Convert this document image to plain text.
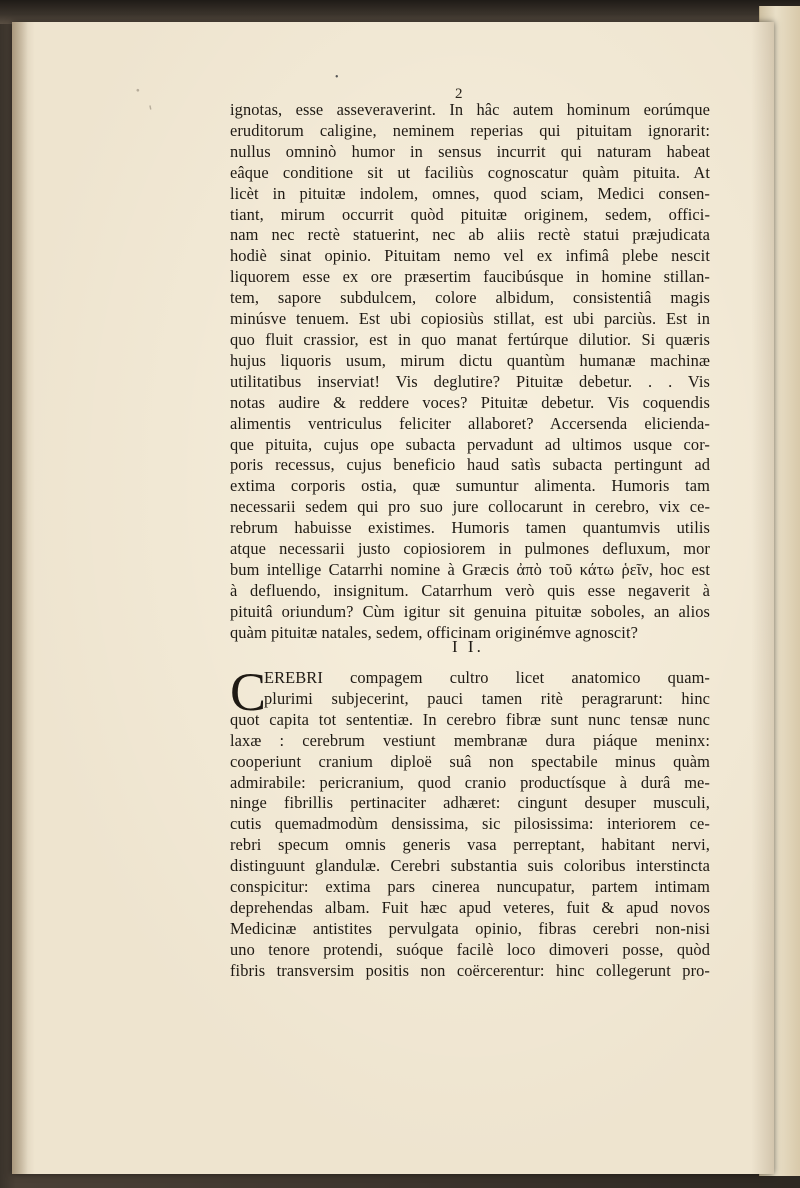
˙ˌ
•
2
ignotas, esse asseveraverint. In hâc autem hominum eorúmque
eruditorum caligine, neminem reperias qui pituitam ignorarit:
nullus omninò humor in sensus incurrit qui naturam habeat
eâque conditione sit ut faciliùs cognoscatur quàm pituita. At
licèt in pituitæ indolem, omnes, quod sciam, Medici consen-
tiant, mirum occurrit quòd pituitæ originem, sedem, offici-
nam nec rectè statuerint, nec ab aliis rectè statui præjudicata
hodiè sinat opinio. Pituitam nemo vel ex infimâ plebe nescit
liquorem esse ex ore præsertim faucibúsque in homine stillan-
tem, sapore subdulcem, colore albidum, consistentiâ magis
minúsve tenuem. Est ubi copiosiùs stillat, est ubi parciùs. Est in
quo fluit crassior, est in quo manat fertúrque dilutior. Si quæris
hujus liquoris usum, mirum dictu quantùm humanæ machinæ
utilitatibus inserviat! Vis deglutire? Pituitæ debetur. . . Vis
notas audire & reddere voces? Pituitæ debetur. Vis coquendis
alimentis ventriculus feliciter allaboret? Accersenda elicienda-
que pituita, cujus ope subacta pervadunt ad ultimos usque cor-
poris recessus, cujus beneficio haud satìs subacta pertingunt ad
extima corporis ostia, quæ sumuntur alimenta. Humoris tam
necessarii sedem qui pro suo jure collocarunt in cerebro, vix ce-
rebrum habuisse existimes. Humoris tamen quantumvis utilis
atque necessarii justo copiosiorem in pulmones defluxum, mor
bum intellige Catarrhi nomine à Græcis ἀπὸ τοῦ κάτω ῥεῖν, hoc est
à defluendo, insignitum. Catarrhum verò quis esse negaverit à
pituitâ oriundum? Cùm igitur sit genuina pituitæ soboles, an alios
quàm pituitæ natales, sedem, officinam originémve agnoscit?
I I.
C
EREBRI compagem cultro licet anatomico quam-
plurimi subjecerint, pauci tamen ritè peragrarunt: hinc
quot capita tot sententiæ. In cerebro fibræ sunt nunc tensæ nunc
laxæ : cerebrum vestiunt membranæ dura piáque meninx:
cooperiunt cranium diploë suâ non spectabile minus quàm
admirabile: pericranium, quod cranio productísque à durâ me-
ninge fibrillis pertinaciter adhæret: cingunt desuper musculi,
cutis quemadmodùm densissima, sic pilosissima: interiorem ce-
rebri specum omnis generis vasa perreptant, habitant nervi,
distinguunt glandulæ. Cerebri substantia suis coloribus interstincta
conspicitur: extima pars cinerea nuncupatur, partem intimam
deprehendas albam. Fuit hæc apud veteres, fuit & apud novos
Medicinæ antistites pervulgata opinio, fibras cerebri non-nisi
uno tenore protendi, suóque facilè loco dimoveri posse, quòd
fibris transversim positis non coërcerentur: hinc collegerunt pro-
